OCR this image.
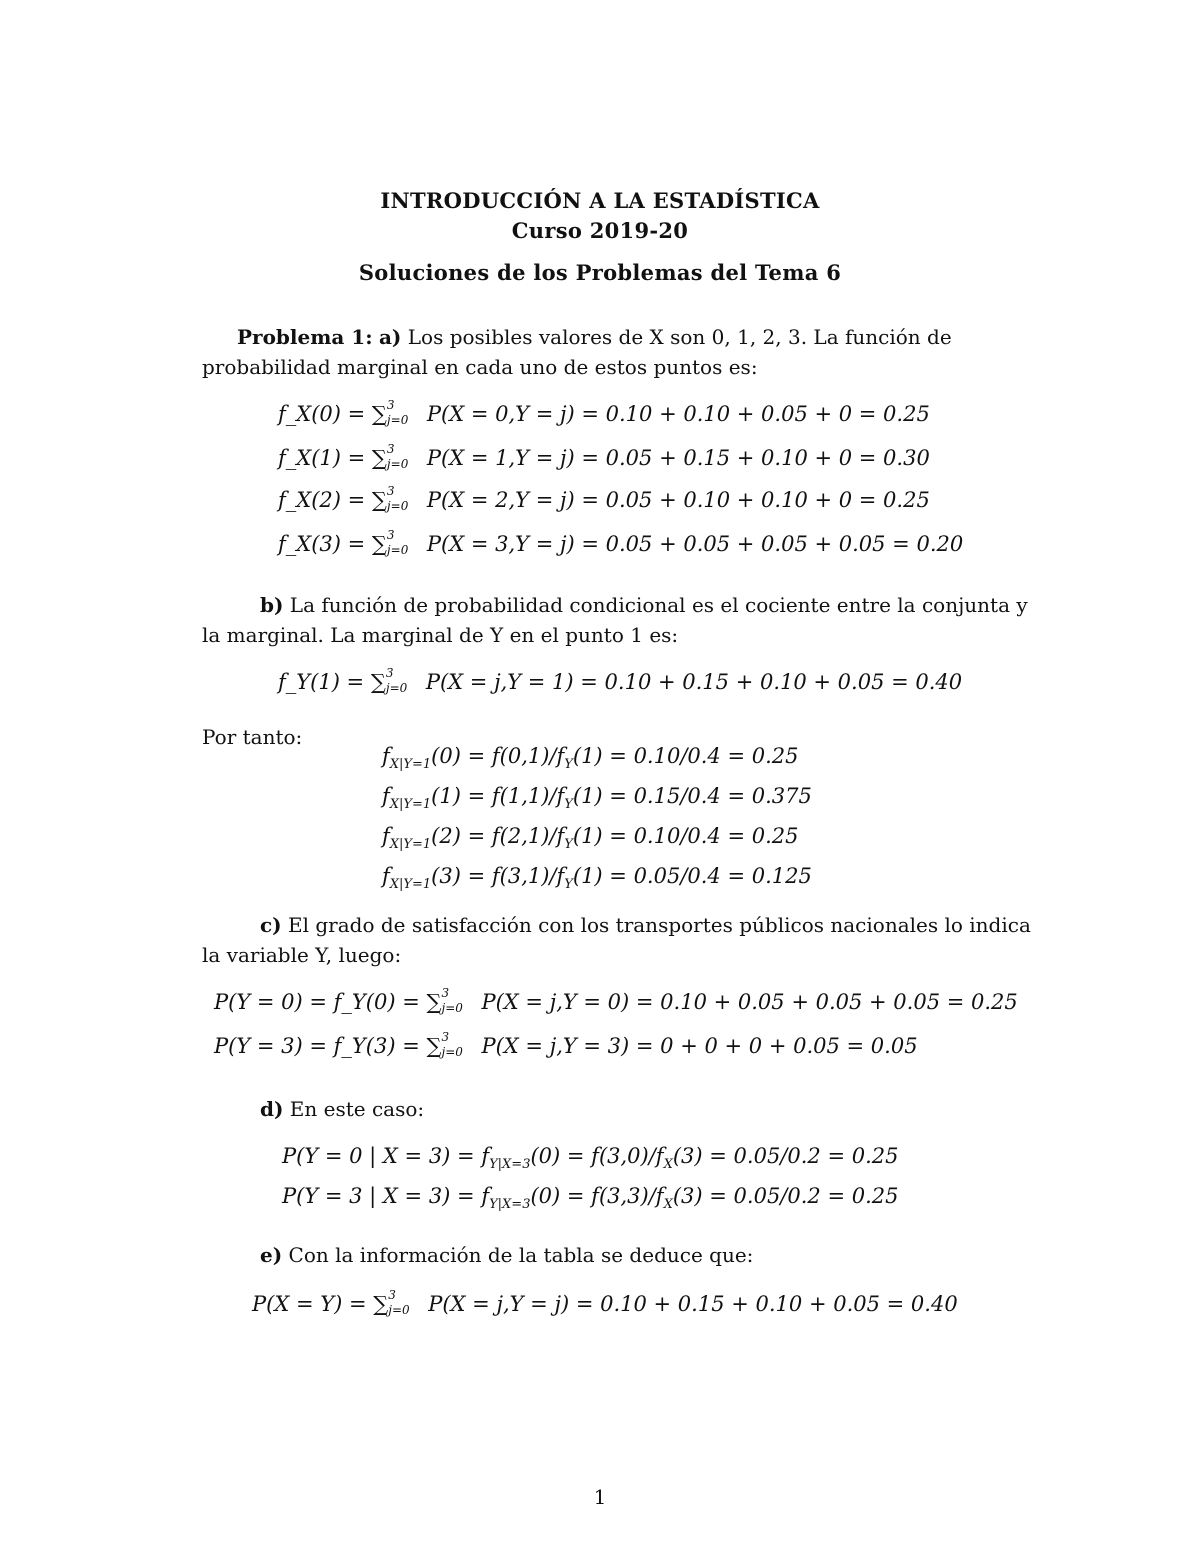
INTRODUCCIÓN A LA ESTADÍSTICA
Curso 2019-20
Soluciones de los Problemas del Tema 6
Problema 1: a) Los posibles valores de X son 0, 1, 2, 3. La función de
probabilidad marginal en cada uno de estos puntos es:
f_X(0) = ∑ 3
j=0 P(X = 0,Y = j) = 0.10 + 0.10 + 0.05 + 0 = 0.25
f_X(1) = ∑ 3
j=0 P(X = 1,Y = j) = 0.05 + 0.15 + 0.10 + 0 = 0.30
f_X(2) = ∑ 3
j=0 P(X = 2,Y = j) = 0.05 + 0.10 + 0.10 + 0 = 0.25
f_X(3) = ∑ 3
j=0 P(X = 3,Y = j) = 0.05 + 0.05 + 0.05 + 0.05 = 0.20
b) La función de probabilidad condicional es el cociente entre la conjunta y
la marginal. La marginal de Y en el punto 1 es:
f_Y(1) = ∑ 3
j=0 P(X = j,Y = 1) = 0.10 + 0.15 + 0.10 + 0.05 = 0.40
Por tanto:
$f_{X|Y=1}(0) = f(0,1)/f_Y(1) = 0.10/0.4 = 0.25$
$f_{X|Y=1}(1) = f(1,1)/f_Y(1) = 0.15/0.4 = 0.375$
$f_{X|Y=1}(2) = f(2,1)/f_Y(1) = 0.10/0.4 = 0.25$
$f_{X|Y=1}(3) = f(3,1)/f_Y(1) = 0.05/0.4 = 0.125$
c) El grado de satisfacción con los transportes públicos nacionales lo indica
la variable Y, luego:
P(Y = 0) = f_Y(0) = ∑ 3
j=0 P(X = j,Y = 0) = 0.10 + 0.05 + 0.05 + 0.05 = 0.25
P(Y = 3) = f_Y(3) = ∑ 3
j=0 P(X = j,Y = 3) = 0 + 0 + 0 + 0.05 = 0.05
d) En este caso:
P(Y = 0 | $X = 3) = f_{Y|X=3}(0) = f(3,0)/f_X(3) = 0.05/0.2 = 0.25$
P(Y = 3 | $X = 3) = f_{Y|X=3}(0) = f(3,3)/f_X(3) = 0.05/0.2 = 0.25$
e) Con la información de la tabla se deduce que:
P(X = Y) = ∑ 3
j=0 P(X = j,Y = j) = 0.10 + 0.15 + 0.10 + 0.05 = 0.40
1
